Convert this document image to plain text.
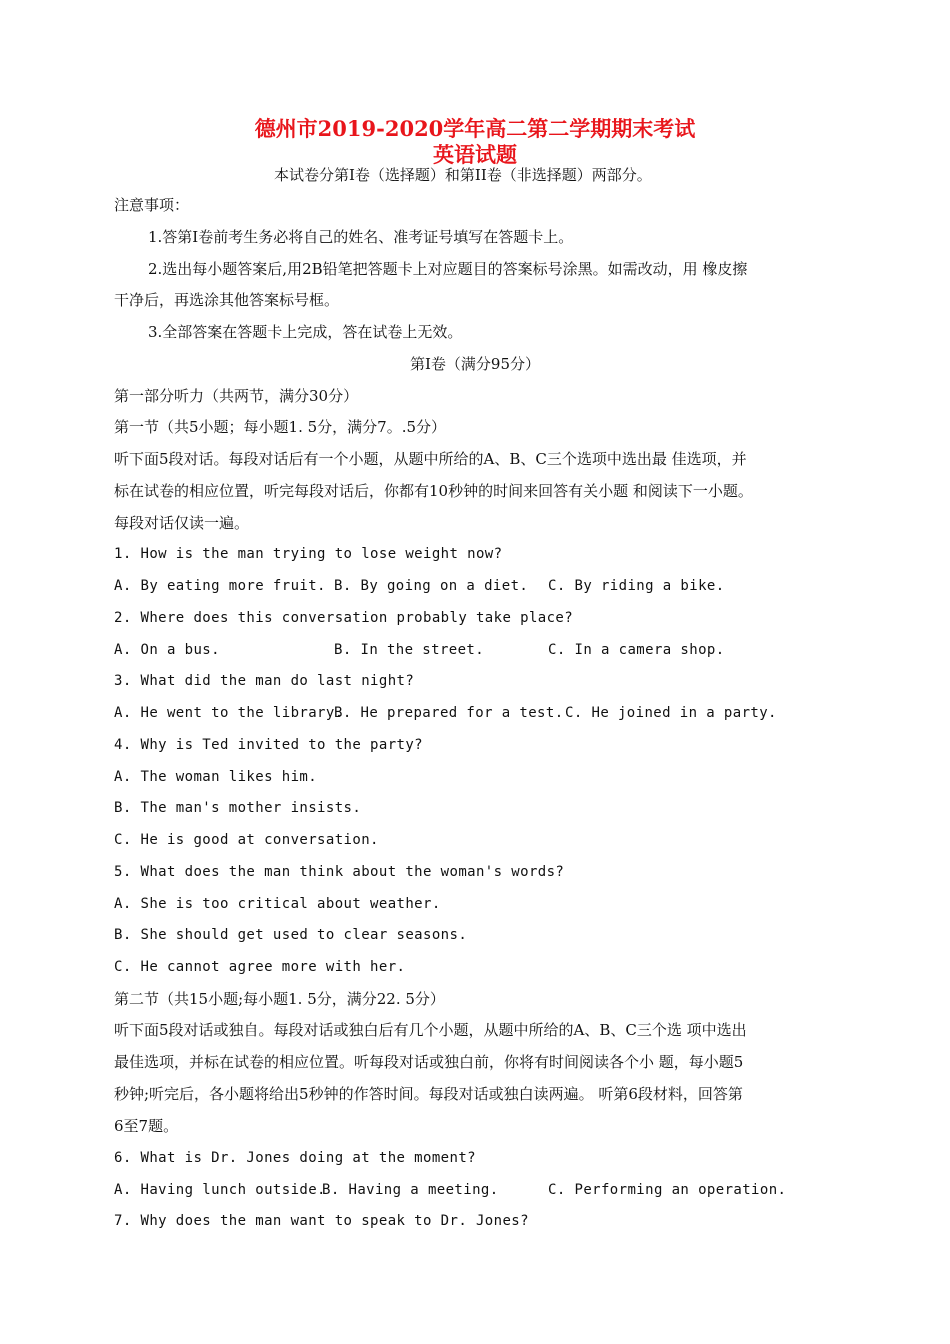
德州市2019-2020学年高二第二学期期末考试
英语试题
本试卷分第I卷（选择题）和第II卷（非选择题）两部分。
注意事项：
1.答第I卷前考生务必将自己的姓名、准考证号填写在答题卡上。
2.选出每小题答案后,用2B铅笔把答题卡上对应题目的答案标号涂黑。如需改动，用 橡皮擦
干净后，再选涂其他答案标号框。
3.全部答案在答题卡上完成，答在试卷上无效。
第I卷（满分95分）
第一部分听力（共两节，满分30分）
第一节（共5小题；每小题1. 5分，满分7。.5分）
听下面5段对话。每段对话后有一个小题，从题中所给的A、B、C三个选项中选出最 佳选项，并
标在试卷的相应位置，听完每段对话后，你都有10秒钟的时间来回答有关小题 和阅读下一小题。
每段对话仅读一遍。
1. How is the man trying to lose weight now?
A. By eating more fruit. B. By going on a diet. C. By riding a bike.
2. Where does this conversation probably take place?
A. On a bus.	B. In the street.	C. In a camera shop.
3. What did the man do last night?
A. He went to the library.
B. He prepared for a test. C. He joined in a party.
4. Why is Ted invited to the party?
A. The woman likes him.
B. The man's mother insists.
C. He is good at conversation.
5. What does the man think about the woman's words?
A. She is too critical about weather.
B. She should get used to clear seasons.
C. He cannot agree more with her.
第二节（共15小题;每小题1. 5分，满分22. 5分）
听下面5段对话或独自。每段对话或独白后有几个小题，从题中所给的A、B、C三个选 项中选出
最佳选项，并标在试卷的相应位置。听每段对话或独白前，你将有时间阅读各个小 题，每小题5
秒钟;听完后，各小题将给出5秒钟的作答时间。每段对话或独白读两遍。 听第6段材料，回答第
6至7题。
6. What is Dr. Jones doing at the moment?
A. Having lunch outside.
B. Having a meeting.	C. Performing an operation.
7. Why does the man want to speak to Dr. Jones?
